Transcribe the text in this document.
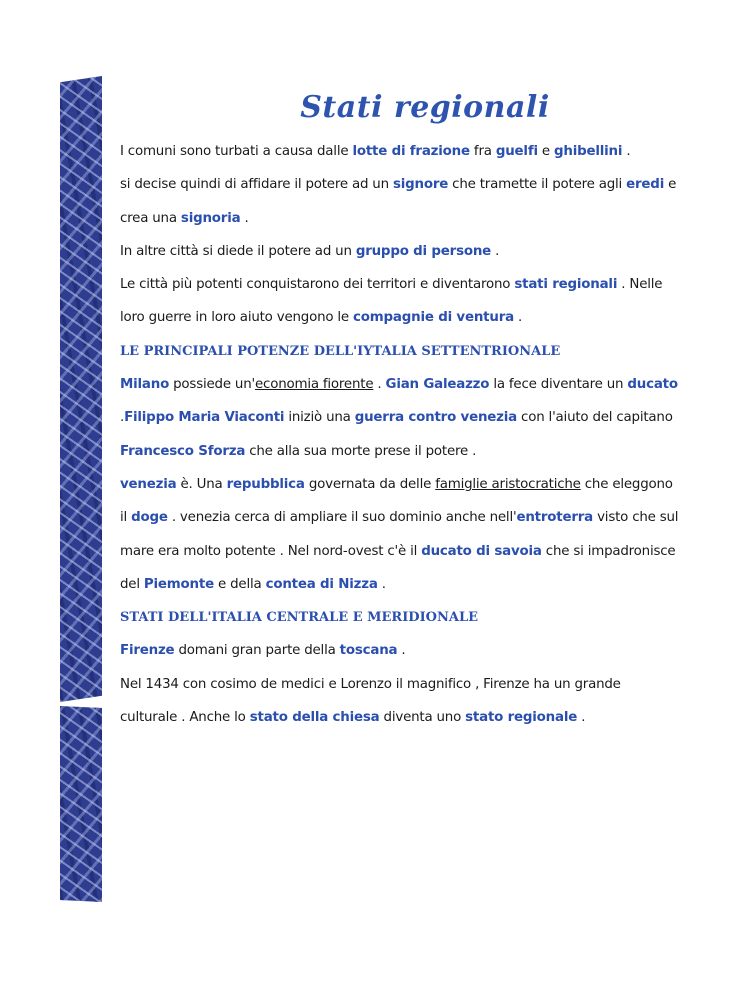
Stati regionali

I comuni sono turbati a causa dalle lotte di frazione fra guelfi e ghibellini .

si decise quindi di affidare il potere ad un signore che tramette il potere agli eredi e crea una signoria .

In altre città si diede il potere ad un gruppo di persone .

Le città più potenti conquistarono dei territori e diventarono stati regionali . Nelle loro guerre in loro aiuto vengono le compagnie di ventura .

LE PRINCIPALI POTENZE DELL'IYTALIA SETTENTRIONALE

Milano possiede un'economia fiorente . Gian Galeazzo la fece diventare un ducato .Filippo Maria Viaconti iniziò una guerra contro venezia con l'aiuto del capitano Francesco Sforza che alla sua morte prese il potere .

venezia è. Una repubblica governata da delle famiglie aristocratiche che eleggono il doge . venezia cerca di ampliare il suo dominio anche nell'entroterra visto che sul mare era molto potente . Nel nord-ovest c'è il ducato di savoia che si impadronisce del Piemonte e della contea di Nizza .

STATI DELL'ITALIA CENTRALE E MERIDIONALE

Firenze domani gran parte della toscana .

Nel 1434 con cosimo de medici e Lorenzo il magnifico , Firenze ha un grande culturale . Anche lo stato della chiesa diventa uno stato regionale .
